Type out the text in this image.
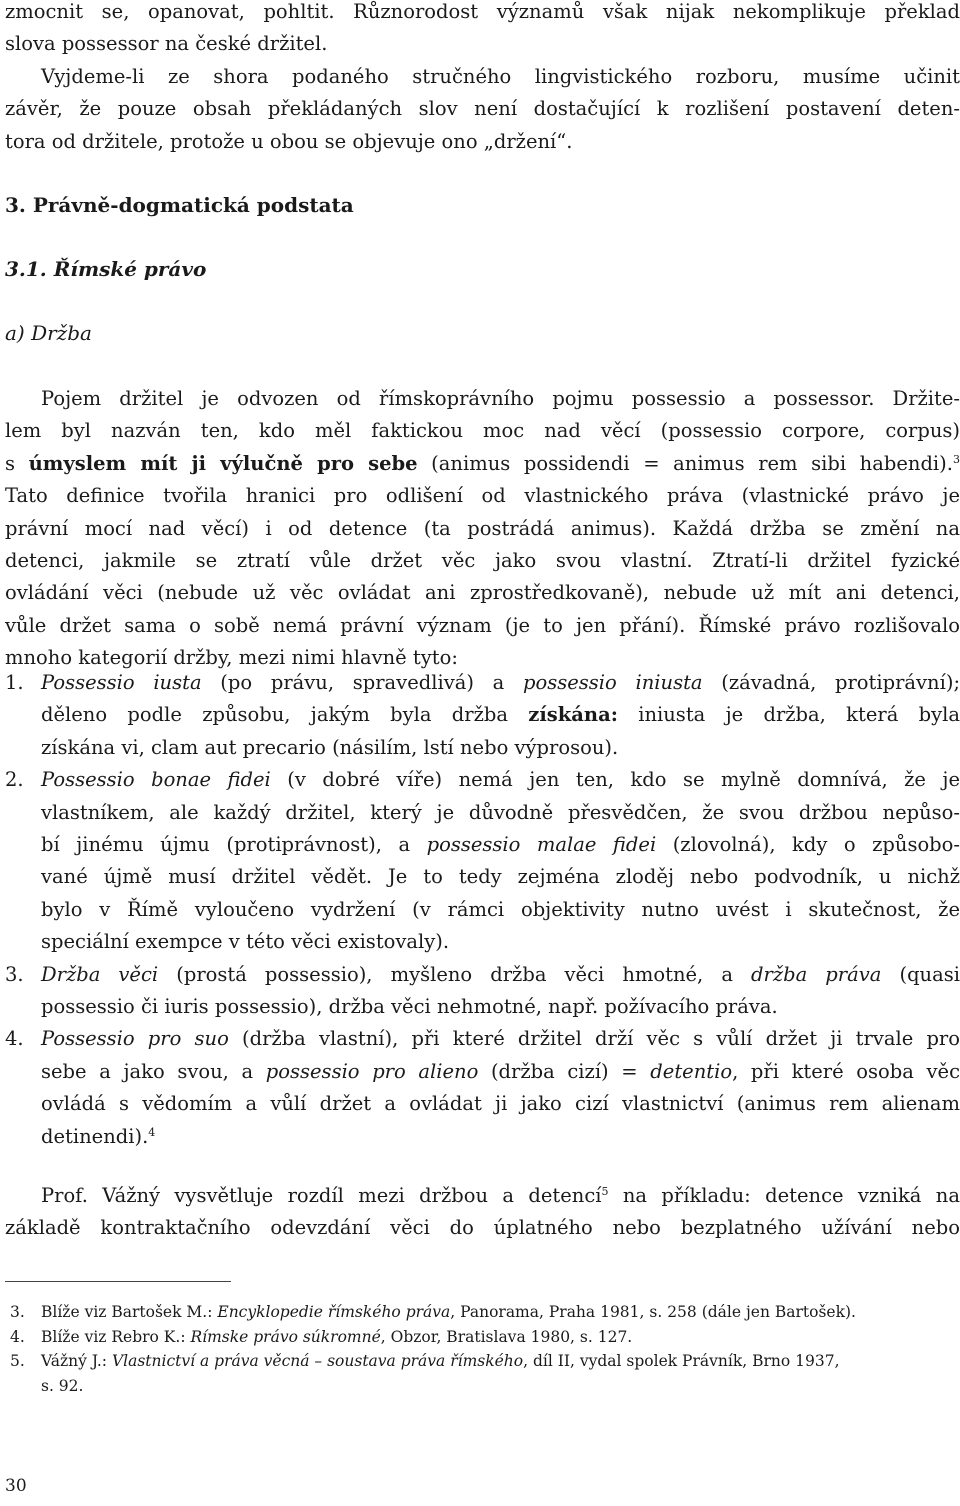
zmocnit se, opanovat, pohltit. Různorodost významů však nijak nekomplikuje překlad

slova possessor na české držitel.

Vyjdeme-li ze shora podaného stručného lingvistického rozboru, musíme učinit

závěr, že pouze obsah překládaných slov není dostačující k rozlišení postavení deten-

tora od držitele, protože u obou se objevuje ono „držení“.

3. Právně-dogmatická podstata

3.1. Římské právo

a) Držba

Pojem držitel je odvozen od římskoprávního pojmu possessio a possessor. Držite-

lem byl nazván ten, kdo měl faktickou moc nad věcí (possessio corpore, corpus)

s úmyslem mít ji výlučně pro sebe (animus possidendi = animus rem sibi habendi).$^3$

Tato definice tvořila hranici pro odlišení od vlastnického práva (vlastnické právo je

právní mocí nad věcí) i od detence (ta postrádá animus). Každá držba se změní na

detenci, jakmile se ztratí vůle držet věc jako svou vlastní. Ztratí-li držitel fyzické

ovládání věci (nebude už věc ovládat ani zprostředkovaně), nebude už mít ani detenci,

vůle držet sama o sobě nemá právní význam (je to jen přání). Římské právo rozlišovalo

mnoho kategorií držby, mezi nimi hlavně tyto:

1. Possessio iusta (po právu, spravedlivá) a possessio iniusta (závadná, protiprávní);
děleno podle způsobu, jakým byla držba získána: iniusta je držba, která byla
získána vi, clam aut precario (násilím, lstí nebo výprosou).
2. Possessio bonae fidei (v dobré víře) nemá jen ten, kdo se mylně domnívá, že je
vlastníkem, ale každý držitel, který je důvodně přesvědčen, že svou držbou nepůso-
bí jinému újmu (protiprávnost), a possessio malae fidei (zlovolná), kdy o způsobo-
vané újmě musí držitel vědět. Je to tedy zejména zloděj nebo podvodník, u nichž
bylo v Římě vyloučeno vydržení (v rámci objektivity nutno uvést i skutečnost, že
speciální exempce v této věci existovaly).
3. Držba věci (prostá possessio), myšleno držba věci hmotné, a držba práva (quasi
possessio či iuris possessio), držba věci nehmotné, např. požívacího práva.
4. Possessio pro suo (držba vlastní), při které držitel drží věc s vůlí držet ji trvale pro
sebe a jako svou, a possessio pro alieno (držba cizí) = detentio, při které osoba věc
ovládá s vědomím a vůlí držet a ovládat ji jako cizí vlastnictví (animus rem alienam
detinendi).$^4$

Prof. Vážný vysvětluje rozdíl mezi držbou a detencí$^5$ na příkladu: detence vzniká na

základě kontraktačního odevzdání věci do úplatného nebo bezplatného užívání nebo

3. Blíže viz Bartošek M.: Encyklopedie římského práva, Panorama, Praha 1981, s. 258 (dále jen Bartošek).

4. Blíže viz Rebro K.: Rímske právo súkromné, Obzor, Bratislava 1980, s. 127.

5. Vážný J.: Vlastnictví a práva věcná – soustava práva římského, díl II, vydal spolek Právník, Brno 1937,

s. 92.

30
